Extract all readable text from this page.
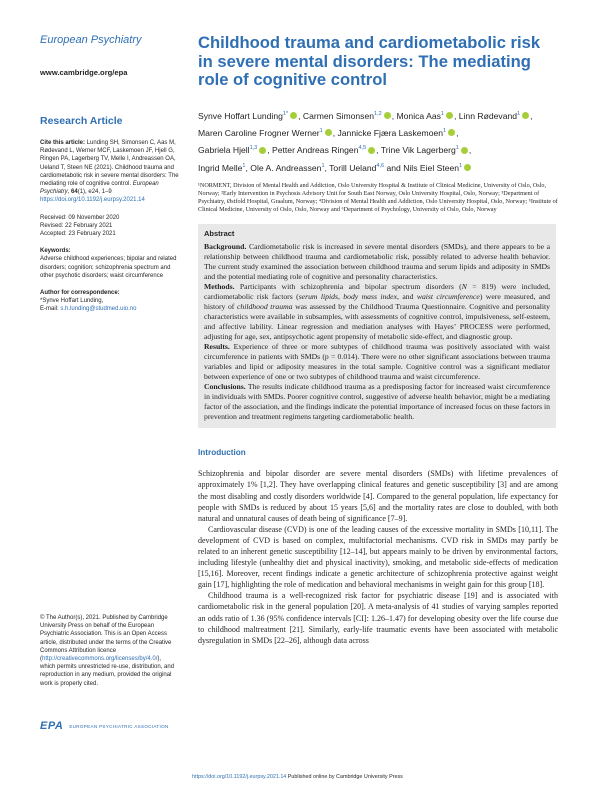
European Psychiatry
www.cambridge.org/epa
Research Article
Cite this article: Lunding SH, Simonsen C, Aas M, Rødevand L, Werner MCF, Laskemoen JF, Hjell G, Ringen PA, Lagerberg TV, Melle I, Andreassen OA, Ueland T, Steen NE (2021). Childhood trauma and cardiometabolic risk in severe mental disorders: The mediating role of cognitive control. European Psychiatry, 64(1), e24, 1–9 https://doi.org/10.1192/j.eurpsy.2021.14
Received: 09 November 2020
Revised: 22 February 2021
Accepted: 23 February 2021
Keywords:
Adverse childhood experiences; bipolar and related disorders; cognition; schizophrenia spectrum and other psychotic disorders; waist circumference
Author for correspondence:
*Synve Hoffart Lunding,
E-mail: s.h.lunding@studmed.uio.no
© The Author(s), 2021. Published by Cambridge University Press on behalf of the European Psychiatric Association. This is an Open Access article, distributed under the terms of the Creative Commons Attribution licence (http://creativecommons.org/licenses/by/4.0/), which permits unrestricted re-use, distribution, and reproduction in any medium, provided the original work is properly cited.
EPA EUROPEAN PSYCHIATRIC ASSOCIATION
Childhood trauma and cardiometabolic risk in severe mental disorders: The mediating role of cognitive control
Synve Hoffart Lunding$^{1*}$ , Carmen Simonsen$^{1,2}$ , Monica Aas$^1$ , Linn Rødevand$^1$ ,
Maren Caroline Frogner Werner$^1$ , Jannicke Fjæra Laskemoen$^1$ ,
Gabriela Hjell$^{1,3}$ , Petter Andreas Ringen$^{4,5}$ , Trine Vik Lagerberg$^1$ ,
Ingrid Melle$^1$, Ole A. Andreassen$^1$, Torill Ueland$^{4,6}$ and Nils Eiel Steen$^1$

¹NORMENT, Division of Mental Health and Addiction, Oslo University Hospital & Institute of Clinical Medicine, University of Oslo, Oslo, Norway; ²Early Intervention in Psychosis Advisory Unit for South East Norway, Oslo University Hospital, Oslo, Norway; ³Department of Psychiatry, Østfold Hospital, Graalum, Norway; ⁴Division of Mental Health and Addiction, Oslo University Hospital, Oslo, Norway; ⁵Institute of Clinical Medicine, University of Oslo, Oslo, Norway and ⁶Department of Psychology, University of Oslo, Oslo, Norway

Abstract

Background. Cardiometabolic risk is increased in severe mental disorders (SMDs), and there appears to be a relationship between childhood trauma and cardiometabolic risk, possibly related to adverse health behavior. The current study examined the association between childhood trauma and serum lipids and adiposity in SMDs and the potential mediating role of cognitive and personality characteristics.

Methods. Participants with schizophrenia and bipolar spectrum disorders (N = 819) were included, cardiometabolic risk factors (serum lipids, body mass index, and waist circumference) were measured, and history of childhood trauma was assessed by the Childhood Trauma Questionnaire. Cognitive and personality characteristics were available in subsamples, with assessments of cognitive control, impulsiveness, self-esteem, and affective lability. Linear regression and mediation analyses with Hayes’ PROCESS were performed, adjusting for age, sex, antipsychotic agent propensity of metabolic side-effect, and diagnostic group.

Results. Experience of three or more subtypes of childhood trauma was positively associated with waist circumference in patients with SMDs (p = 0.014). There were no other significant associations between trauma variables and lipid or adiposity measures in the total sample. Cognitive control was a significant mediator between experience of one or two subtypes of childhood trauma and waist circumference.

Conclusions. The results indicate childhood trauma as a predisposing factor for increased waist circumference in individuals with SMDs. Poorer cognitive control, suggestive of adverse health behavior, might be a mediating factor of the association, and the findings indicate the potential importance of increased focus on these factors in prevention and treatment regimens targeting cardiometabolic health.

Introduction

Schizophrenia and bipolar disorder are severe mental disorders (SMDs) with lifetime prevalences of approximately 1% [1,2]. They have overlapping clinical features and genetic susceptibility [3] and are among the most disabling and costly disorders worldwide [4]. Compared to the general population, life expectancy for people with SMDs is reduced by about 15 years [5,6] and the mortality rates are close to doubled, with both natural and unnatural causes of death being of significance [7–9].

Cardiovascular disease (CVD) is one of the leading causes of the excessive mortality in SMDs [10,11]. The development of CVD is based on complex, multifactorial mechanisms. CVD risk in SMDs may partly be related to an inherent genetic susceptibility [12–14], but appears mainly to be driven by environmental factors, including lifestyle (unhealthy diet and physical inactivity), smoking, and metabolic side-effects of medication [15,16]. Moreover, recent findings indicate a genetic architecture of schizophrenia protective against weight gain [17], highlighting the role of medication and behavioral mechanisms in weight gain for this group [18].

Childhood trauma is a well-recognized risk factor for psychiatric disease [19] and is associated with cardiometabolic risk in the general population [20]. A meta-analysis of 41 studies of varying samples reported an odds ratio of 1.36 (95% confidence intervals [CI]: 1.26–1.47) for developing obesity over the life course due to childhood maltreatment [21]. Similarly, early-life traumatic events have been associated with metabolic dysregulation in SMDs [22–26], although data across

https://doi.org/10.1192/j.eurpsy.2021.14 Published online by Cambridge University Press
